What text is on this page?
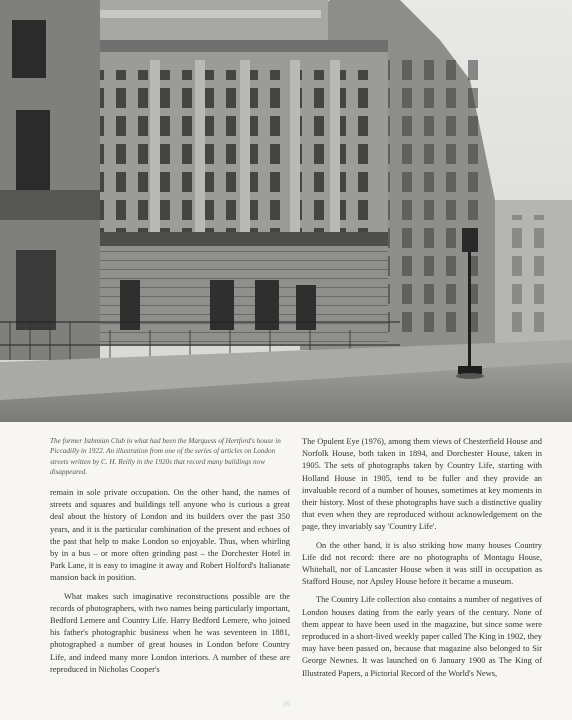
The former Isthmian Club in what had been the Marquess of Hertford's house in Piccadilly in 1922. An illustration from one of the series of articles on London streets written by C. H. Reilly in the 1920s that record many buildings now disappeared.

remain in sole private occupation. On the other hand, the names of streets and squares and buildings tell anyone who is curious a great deal about the history of London and its builders over the past 350 years, and it is the particular combination of the present and echoes of the past that help to make London so enjoyable. Thus, when whirling by in a bus – or more often grinding past – the Dorchester Hotel in Park Lane, it is easy to imagine it away and Robert Holford's Italianate mansion back in position.

What makes such imaginative reconstructions possible are the records of photographers, with two names being particularly important, Bedford Lemere and Country Life. Harry Bedford Lemere, who joined his father's photographic business when he was seventeen in 1881, photographed a number of great houses in London before Country Life, and indeed many more London interiors. A number of these are reproduced in Nicholas Cooper's

The Opulent Eye (1976), among them views of Chesterfield House and Norfolk House, both taken in 1894, and Dorchester House, taken in 1905. The sets of photographs taken by Country Life, starting with Holland House in 1905, tend to be fuller and they provide an invaluable record of a number of houses, sometimes at key moments in their history. Most of these photographs have such a distinctive quality that even when they are reproduced without acknowledgement on the page, they invariably say 'Country Life'.

On the other hand, it is also striking how many houses Country Life did not record: there are no photographs of Montagu House, Whitehall, nor of Lancaster House when it was still in occupation as Stafford House, nor Apsley House before it became a museum.

The Country Life collection also contains a number of negatives of London houses dating from the early years of the century. None of them appear to have been used in the magazine, but since some were reproduced in a short-lived weekly paper called The King in 1902, they may have been passed on, because that magazine also belonged to Sir George Newnes. It was launched on 6 January 1900 as The King of Illustrated Papers, a Pictorial Record of the World's News,

16
